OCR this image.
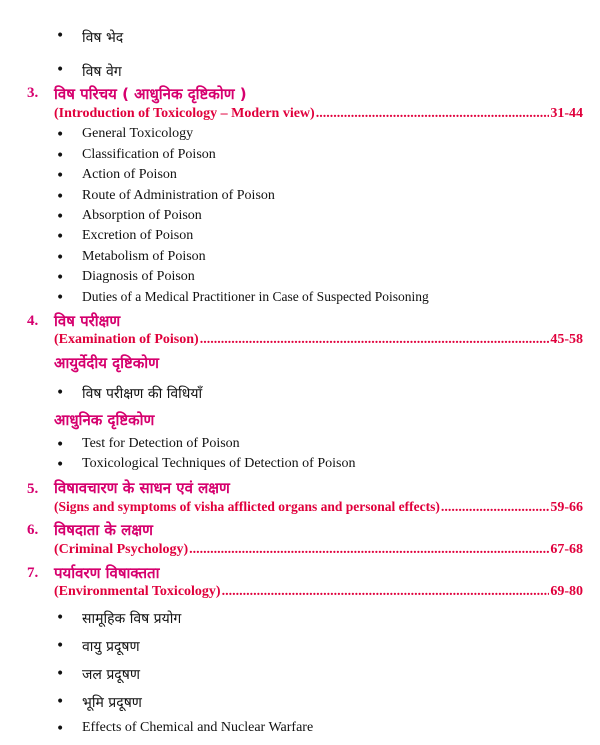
• विष भेद
• विष वेग
3. विष परिचय ( आधुनिक दृष्टिकोण )
(Introduction of Toxicology – Modern view) .....	31-44
• General Toxicology
• Classification of Poison
• Action of Poison
• Route of Administration of Poison
• Absorption of Poison
• Excretion of Poison
• Metabolism of Poison
• Diagnosis of Poison
• Duties of a Medical Practitioner in Case of Suspected Poisoning
4. विष परीक्षण
(Examination of Poison) .....	45-58
आयुर्वेदीय दृष्टिकोण
• विष परीक्षण की विधियाँ
आधुनिक दृष्टिकोण
• Test for Detection of Poison
• Toxicological Techniques of Detection of Poison
5. विषावचारण के साधन एवं लक्षण
(Signs and symptoms of visha afflicted organs and personal effects) .....	59-66
6. विषदाता के लक्षण
(Criminal Psychology) .....	67-68
7. पर्यावरण विषाक्तता
(Environmental Toxicology) .....	69-80
• सामूहिक विष प्रयोग
• वायु प्रदूषण
• जल प्रदूषण
• भूमि प्रदूषण
• Effects of Chemical and Nuclear Warfare
